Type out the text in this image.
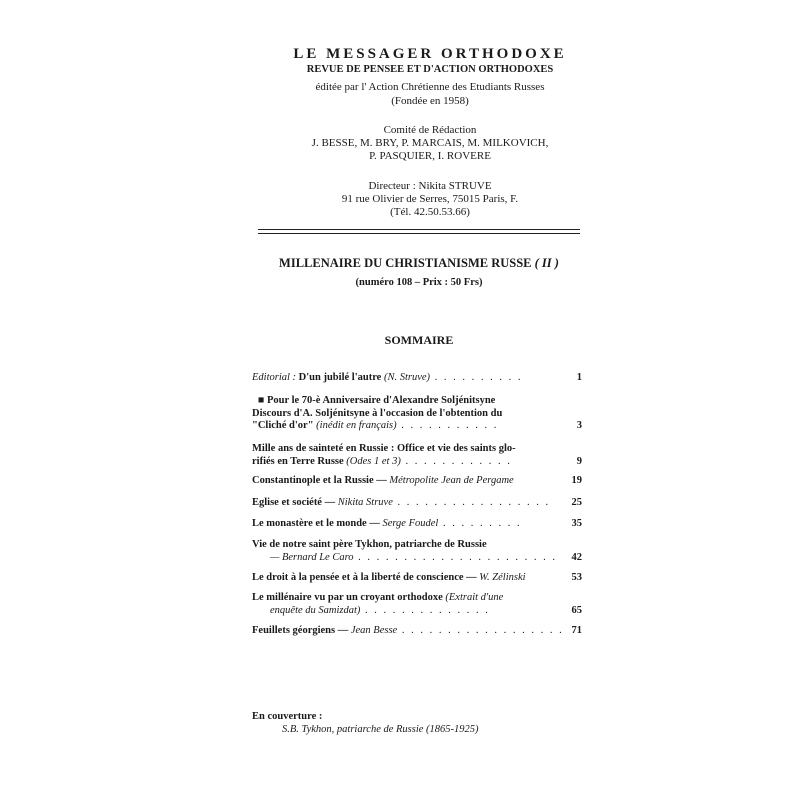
LE MESSAGER ORTHODOXE
REVUE DE PENSEE ET D'ACTION ORTHODOXES
éditée par l' Action Chrétienne des Etudiants Russes
(Fondée en 1958)
Comité de Rédaction
J. BESSE, M. BRY, P. MARCAIS, M. MILKOVICH,
P. PASQUIER, I. ROVERE
Directeur : Nikita STRUVE
91 rue Olivier de Serres, 75015 Paris, F.
(Tél. 42.50.53.66)
MILLENAIRE DU CHRISTIANISME RUSSE ( II )
(numéro 108 – Prix : 50 Frs)
SOMMAIRE
Editorial : D'un jubilé l'autre (N. Struve) . . . . . . . . . .	1
■ Pour le 70-è Anniversaire d'Alexandre Soljénitsyne
Discours d'A. Soljénitsyne à l'occasion de l'obtention du
"Cliché d'or" (inédit en français) . . . . . . . . . . .	3
Mille ans de sainteté en Russie : Office et vie des saints glo-
rifiés en Terre Russe (Odes 1 et 3) . . . . . . . . . . . .	9
Constantinople et la Russie — Métropolite Jean de Pergame	19
Eglise et société — Nikita Struve . . . . . . . . . . . . . . . . .	25
Le monastère et le monde — Serge Foudel . . . . . . . . .	35
Vie de notre saint père Tykhon, patriarche de Russie
— Bernard Le Caro . . . . . . . . . . . . . . . . . . . . . .	42
Le droit à la pensée et à la liberté de conscience — W. Zélinski	53
Le millénaire vu par un croyant orthodoxe (Extrait d'une
enquête du Samizdat) . . . . . . . . . . . . . .	65
Feuillets géorgiens — Jean Besse . . . . . . . . . . . . . . . . . . 71
En couverture :
S.B. Tykhon, patriarche de Russie (1865-1925)
